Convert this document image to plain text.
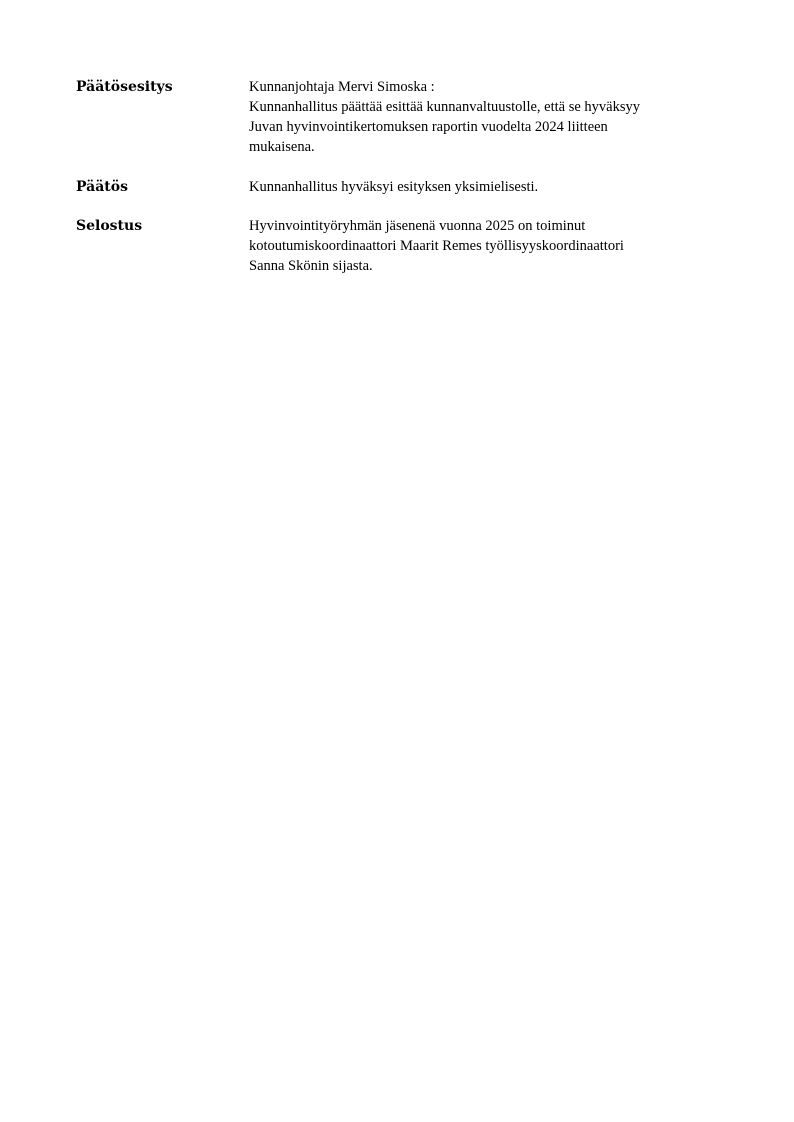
Päätösesitys	Kunnanjohtaja Mervi Simoska :
Kunnanhallitus päättää esittää kunnanvaltuustolle, että se hyväksyy
Juvan hyvinvointikertomuksen raportin vuodelta 2024 liitteen
mukaisena.
Päätös	Kunnanhallitus hyväksyi esityksen yksimielisesti.
Selostus	Hyvinvointityöryhmän jäsenenä vuonna 2025 on toiminut
kotoutumiskoordinaattori Maarit Remes työllisyyskoordinaattori
Sanna Skönin sijasta.
